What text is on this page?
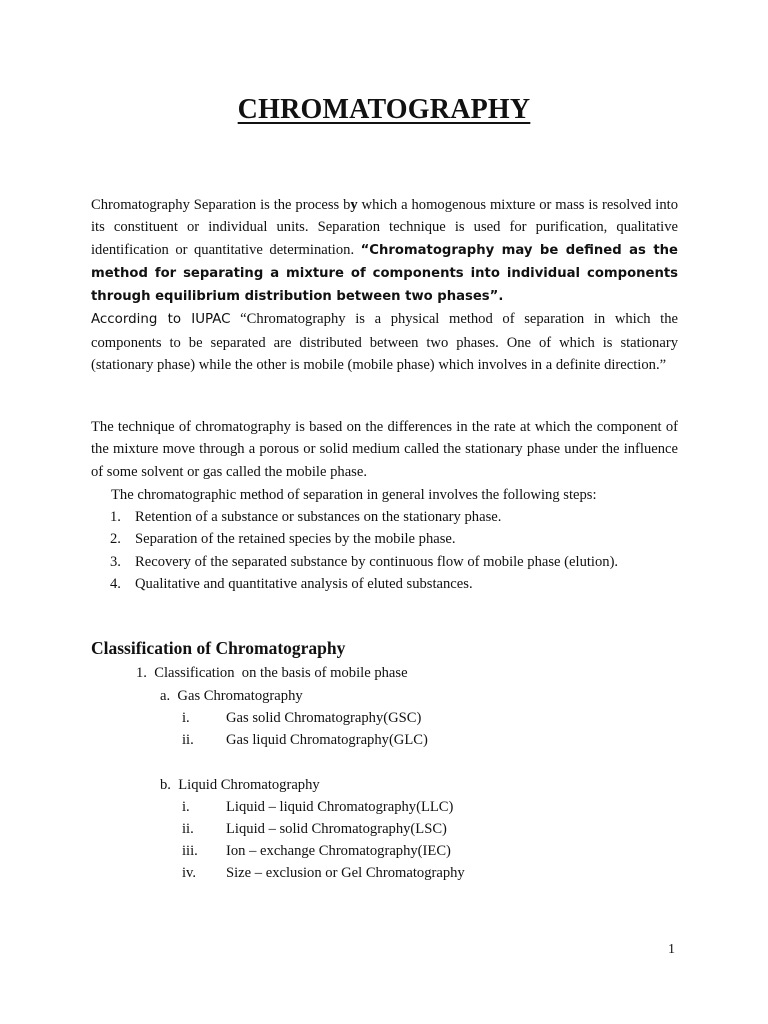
CHROMATOGRAPHY
Chromatography Separation is the process by which a homogenous mixture or mass is resolved into its constituent or individual units. Separation technique is used for purification, qualitative identification or quantitative determination. “Chromatography may be defined as the method for separating a mixture of components into individual components through equilibrium distribution between two phases”.
According to IUPAC “Chromatography is a physical method of separation in which the components to be separated are distributed between two phases. One of which is stationary (stationary phase) while the other is mobile (mobile phase) which involves in a definite direction.”
The technique of chromatography is based on the differences in the rate at which the component of the mixture move through a porous or solid medium called the stationary phase under the influence of some solvent or gas called the mobile phase.
The chromatographic method of separation in general involves the following steps:
1. Retention of a substance or substances on the stationary phase.
2. Separation of the retained species by the mobile phase.
3. Recovery of the separated substance by continuous flow of mobile phase (elution).
4. Qualitative and quantitative analysis of eluted substances.
Classification of Chromatography
1.  Classification  on the basis of mobile phase
a.  Gas Chromatography
i. Gas solid Chromatography(GSC)
ii. Gas liquid Chromatography(GLC)
b.  Liquid Chromatography
i. Liquid – liquid Chromatography(LLC)
ii. Liquid – solid Chromatography(LSC)
iii. Ion – exchange Chromatography(IEC)
iv. Size – exclusion or Gel Chromatography
1
